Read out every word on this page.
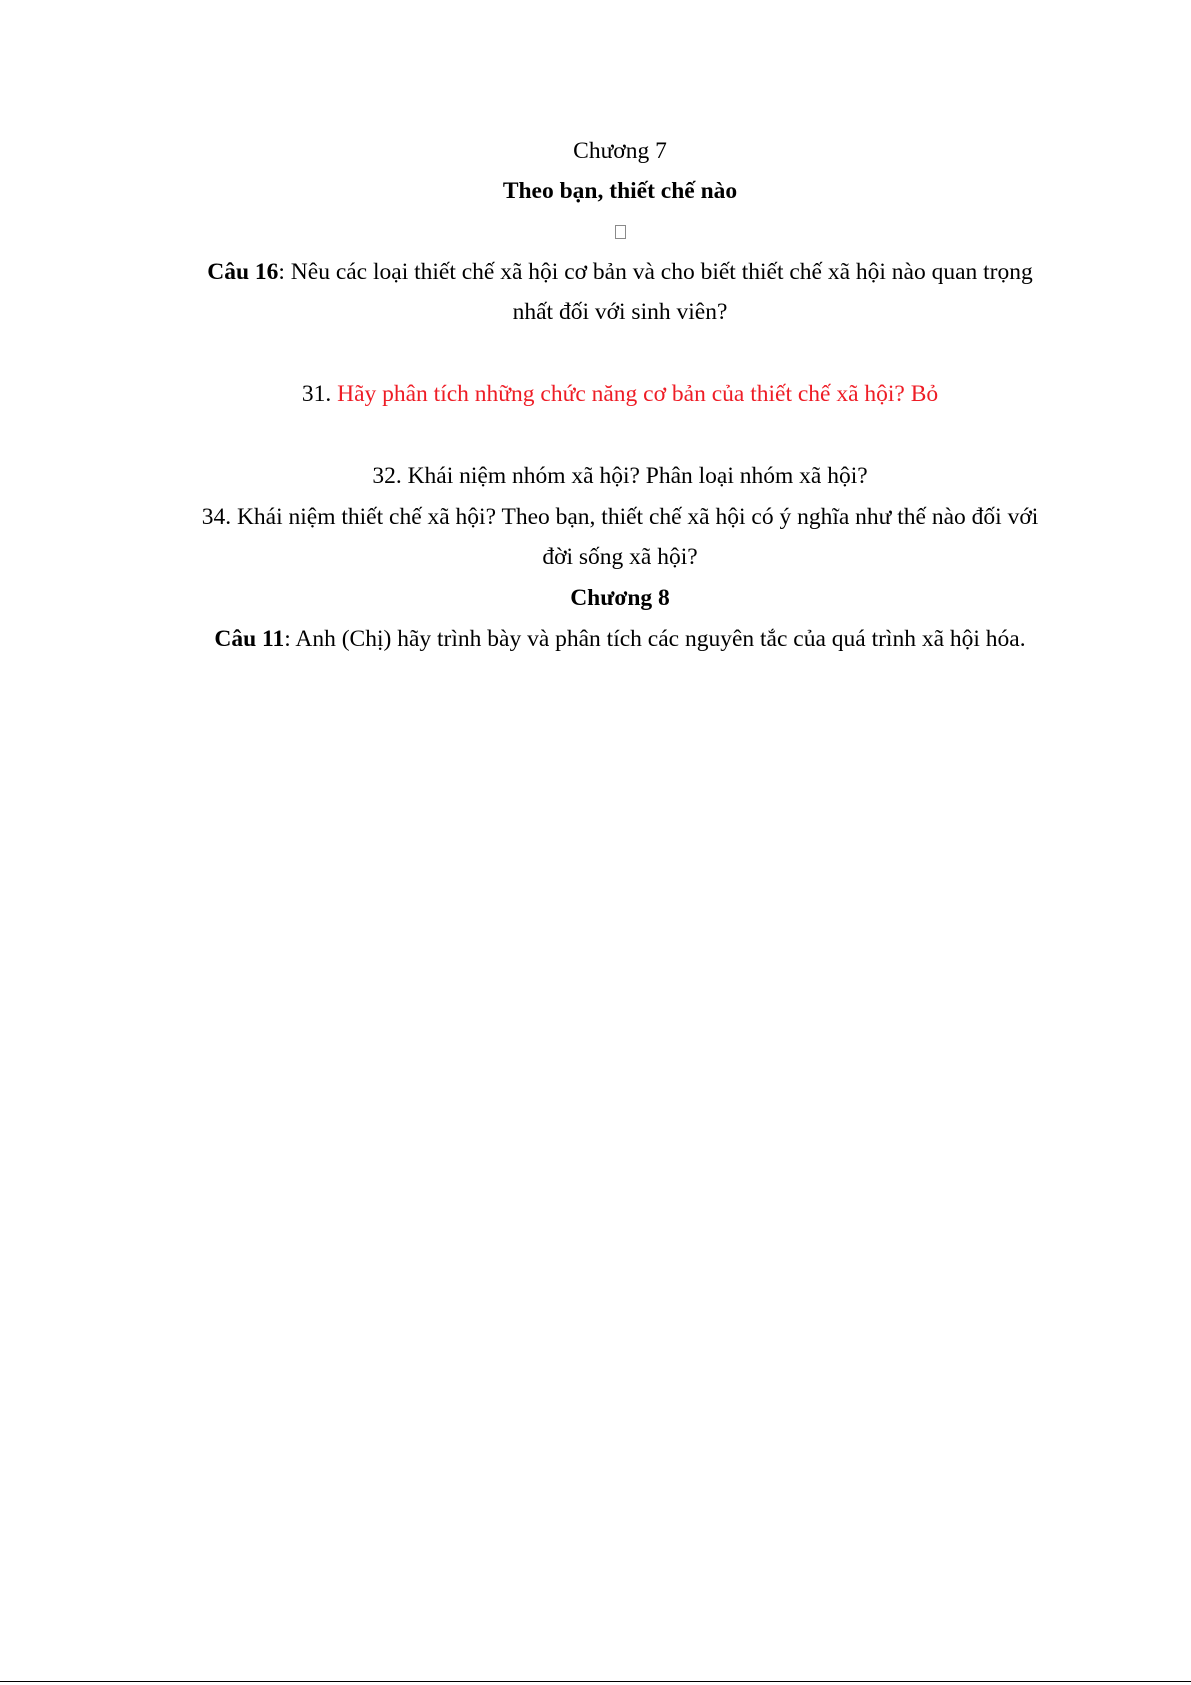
Chương 7
Theo bạn, thiết chế nào
Câu 16: Nêu các loại thiết chế xã hội cơ bản và cho biết thiết chế xã hội nào quan trọng
nhất đối với sinh viên?
31. Hãy phân tích những chức năng cơ bản của thiết chế xã hội? Bỏ
32. Khái niệm nhóm xã hội? Phân loại nhóm xã hội?
34. Khái niệm thiết chế xã hội? Theo bạn, thiết chế xã hội có ý nghĩa như thế nào đối với
đời sống xã hội?
Chương 8
Câu 11: Anh (Chị) hãy trình bày và phân tích các nguyên tắc của quá trình xã hội hóa.
